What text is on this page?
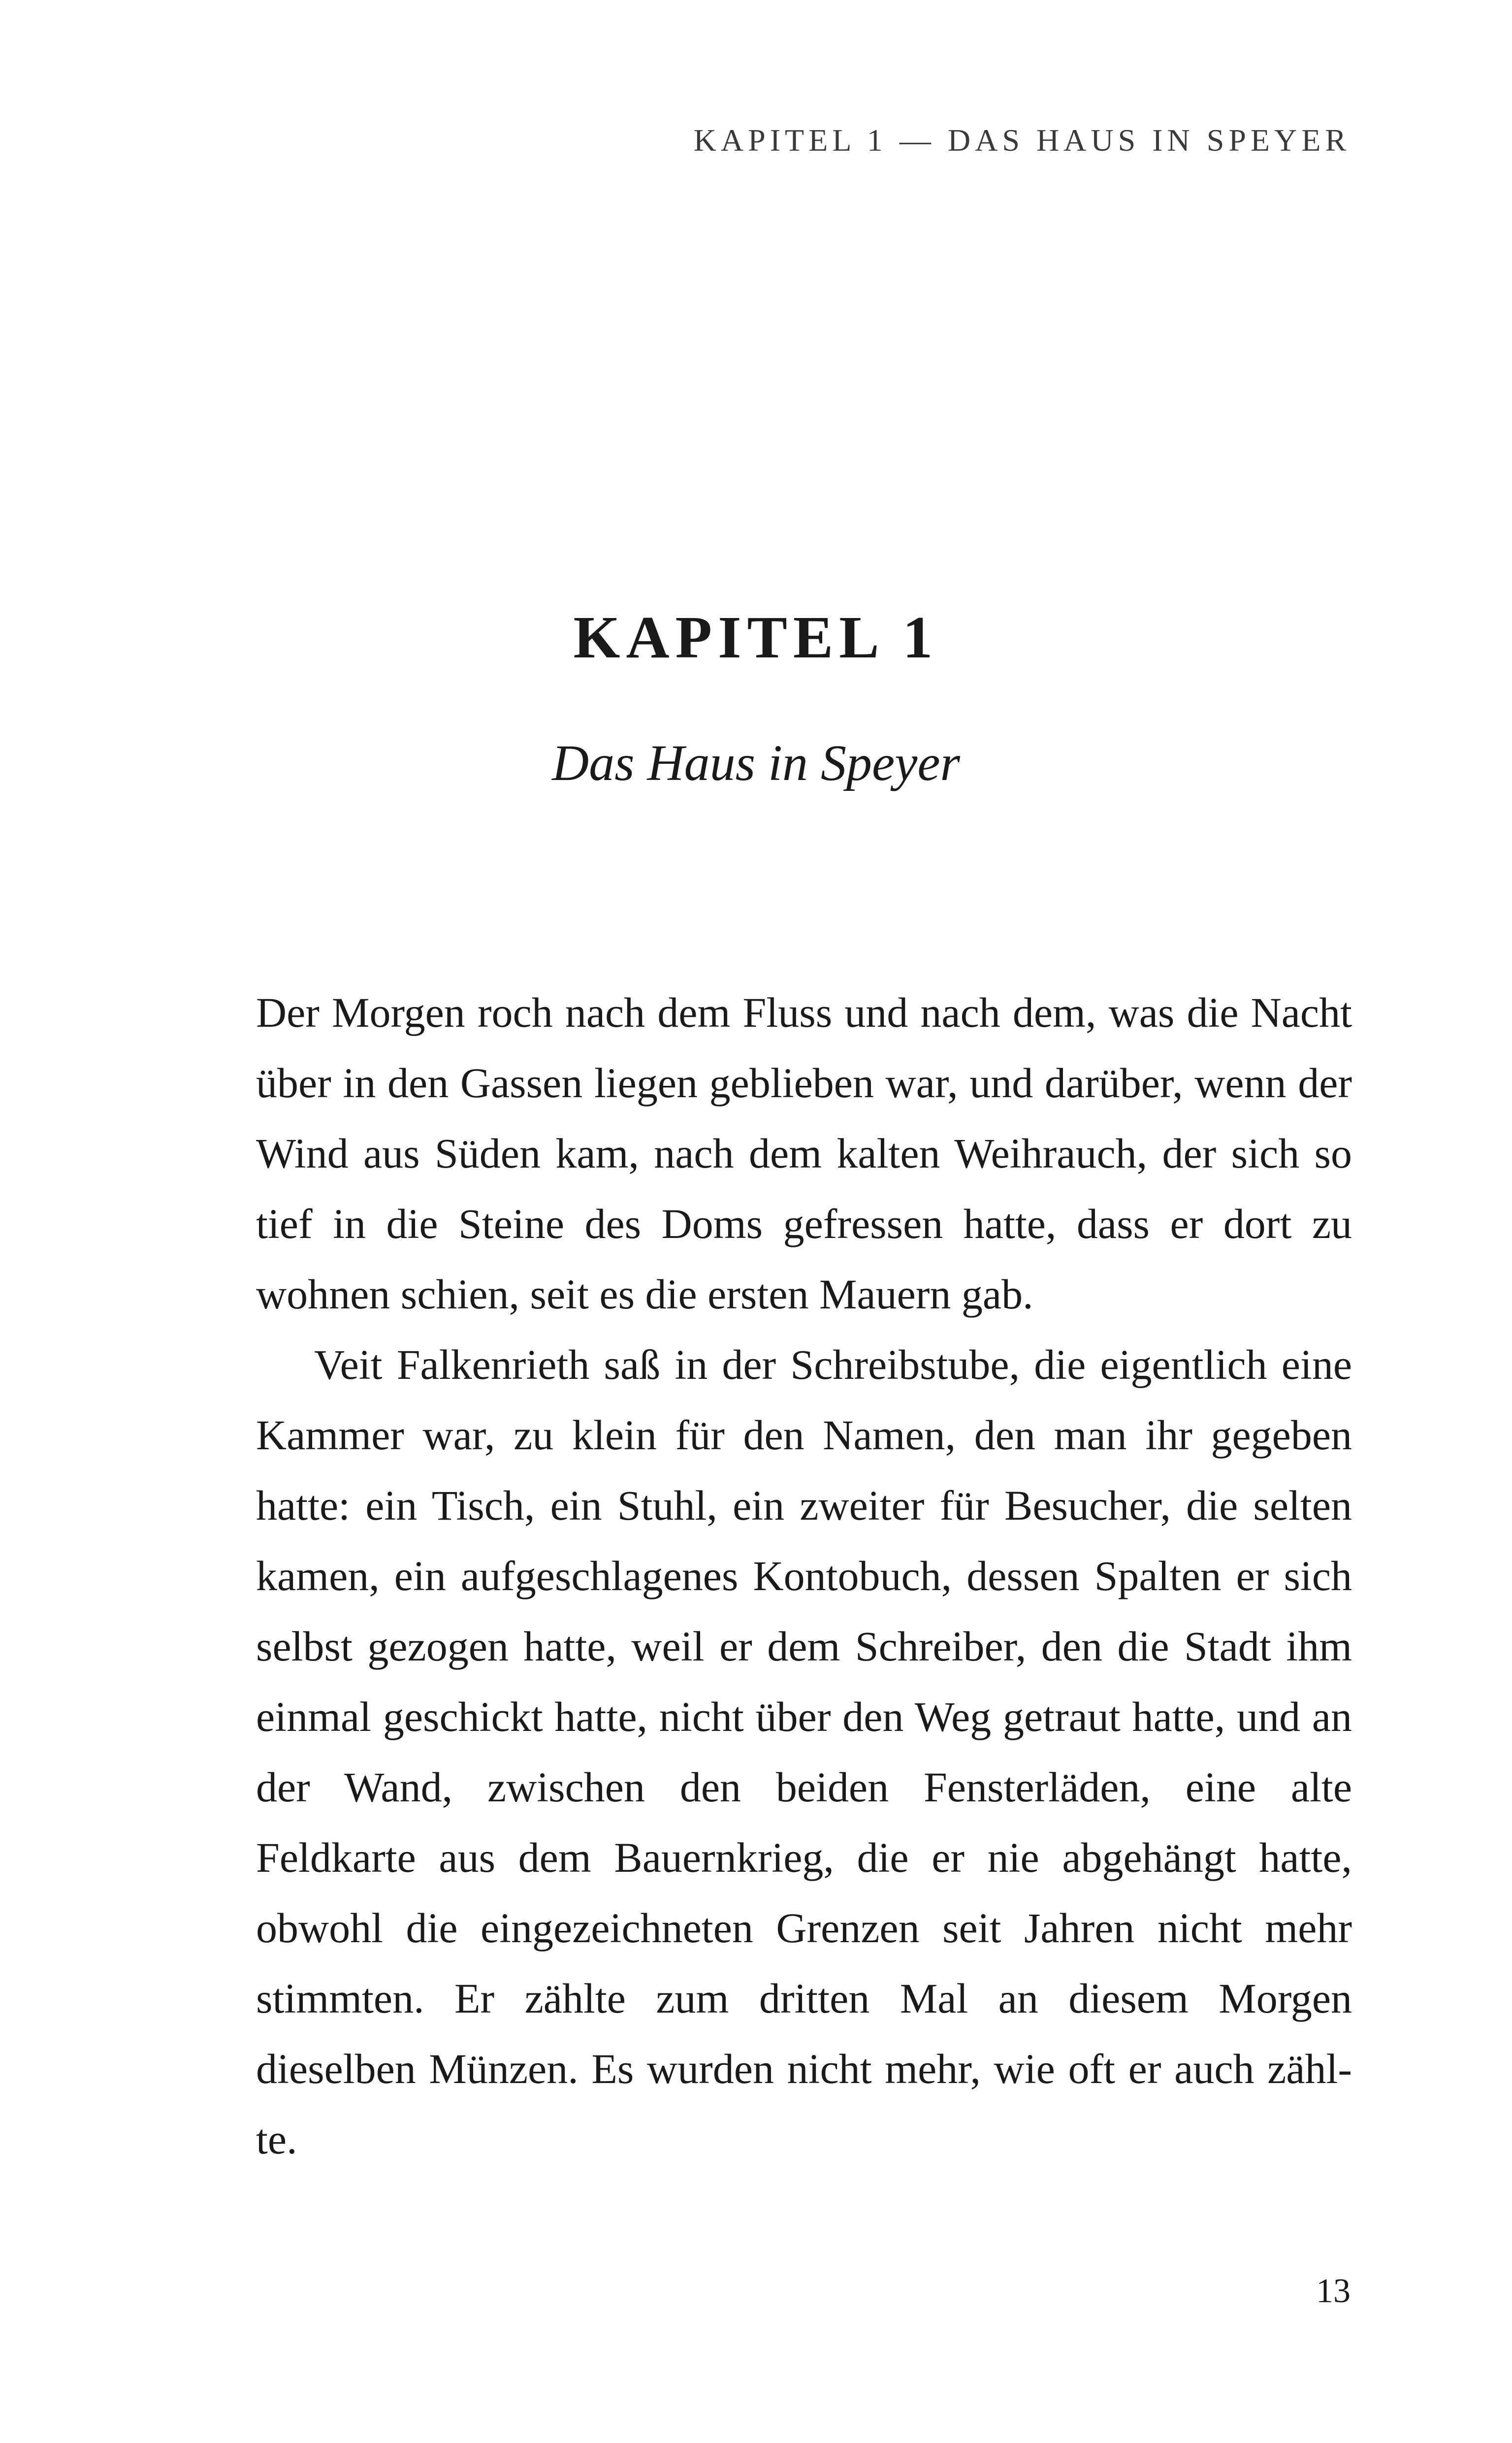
KAPITEL 1 — DAS HAUS IN SPEYER
KAPITEL 1
Das Haus in Speyer

Der Morgen roch nach dem Fluss und nach dem, was die Nacht über in den Gassen liegen geblieben war, und darüber, wenn der Wind aus Süden kam, nach dem kalten Weihrauch, der sich so tief in die Steine des Doms gefressen hatte, dass er dort zu wohnen schien, seit es die ersten Mauern gab.

Veit Falkenrieth saß in der Schreibstube, die eigentlich eine Kammer war, zu klein für den Namen, den man ihr gegeben hatte: ein Tisch, ein Stuhl, ein zweiter für Besucher, die selten kamen, ein aufgeschlagenes Kontobuch, dessen Spalten er sich selbst gezogen hatte, weil er dem Schreiber, den die Stadt ihm einmal geschickt hatte, nicht über den Weg getraut hatte, und an der Wand, zwischen den beiden Fensterläden, eine alte Feldkarte aus dem Bauernkrieg, die er nie abgehängt hatte, obwohl die eingezeichneten Grenzen seit Jahren nicht mehr stimmten. Er zählte zum dritten Mal an diesem Morgen dieselben Münzen. Es wurden nicht mehr, wie oft er auch zählte.

13
